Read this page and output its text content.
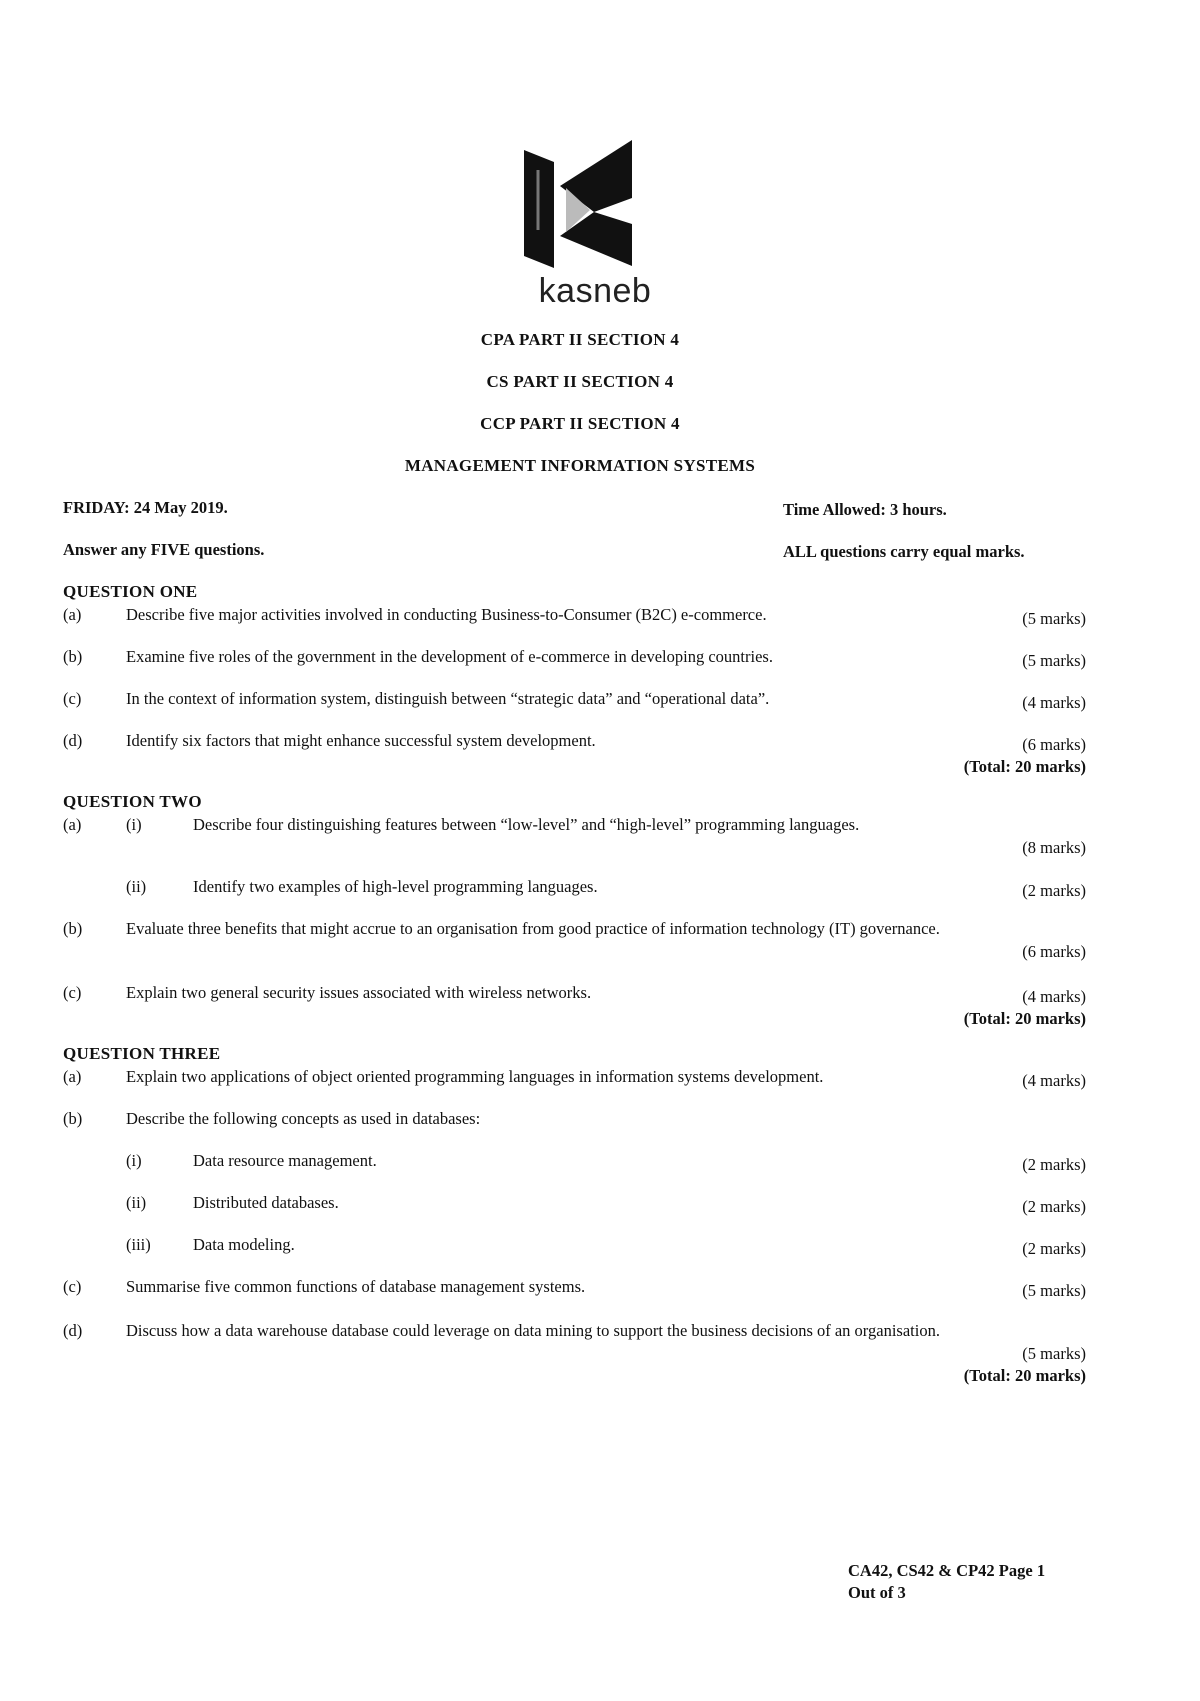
kasneb
CPA PART II SECTION 4
CS PART II SECTION 4
CCP PART II SECTION 4
MANAGEMENT INFORMATION SYSTEMS
FRIDAY: 24 May 2019.	Time Allowed: 3 hours.
Answer any FIVE questions.	ALL questions carry equal marks.
QUESTION ONE
(a)	Describe five major activities involved in conducting Business-to-Consumer (B2C) e-commerce.	(5 marks)
(b)	Examine five roles of the government in the development of e-commerce in developing countries.	(5 marks)
(c)	In the context of information system, distinguish between “strategic data” and “operational data”.	(4 marks)
(d)	Identify six factors that might enhance successful system development.	(6 marks)
(Total: 20 marks)
QUESTION TWO
(a)	(i)	Describe four distinguishing features between “low-level” and “high-level” programming languages.
(8 marks)
(ii)	Identify two examples of high-level programming languages.	(2 marks)
(b)	Evaluate three benefits that might accrue to an organisation from good practice of information technology (IT) governance.
(6 marks)
(c)	Explain two general security issues associated with wireless networks.	(4 marks)
(Total: 20 marks)
QUESTION THREE
(a)	Explain two applications of object oriented programming languages in information systems development.	(4 marks)
(b)	Describe the following concepts as used in databases:
(i)	Data resource management.	(2 marks)
(ii)	Distributed databases.	(2 marks)
(iii)	Data modeling.	(2 marks)
(c)	Summarise five common functions of database management systems.	(5 marks)
(d)	Discuss how a data warehouse database could leverage on data mining to support the business decisions of an organisation.
(5 marks)
(Total: 20 marks)
CA42, CS42 & CP42 Page 1
Out of 3
